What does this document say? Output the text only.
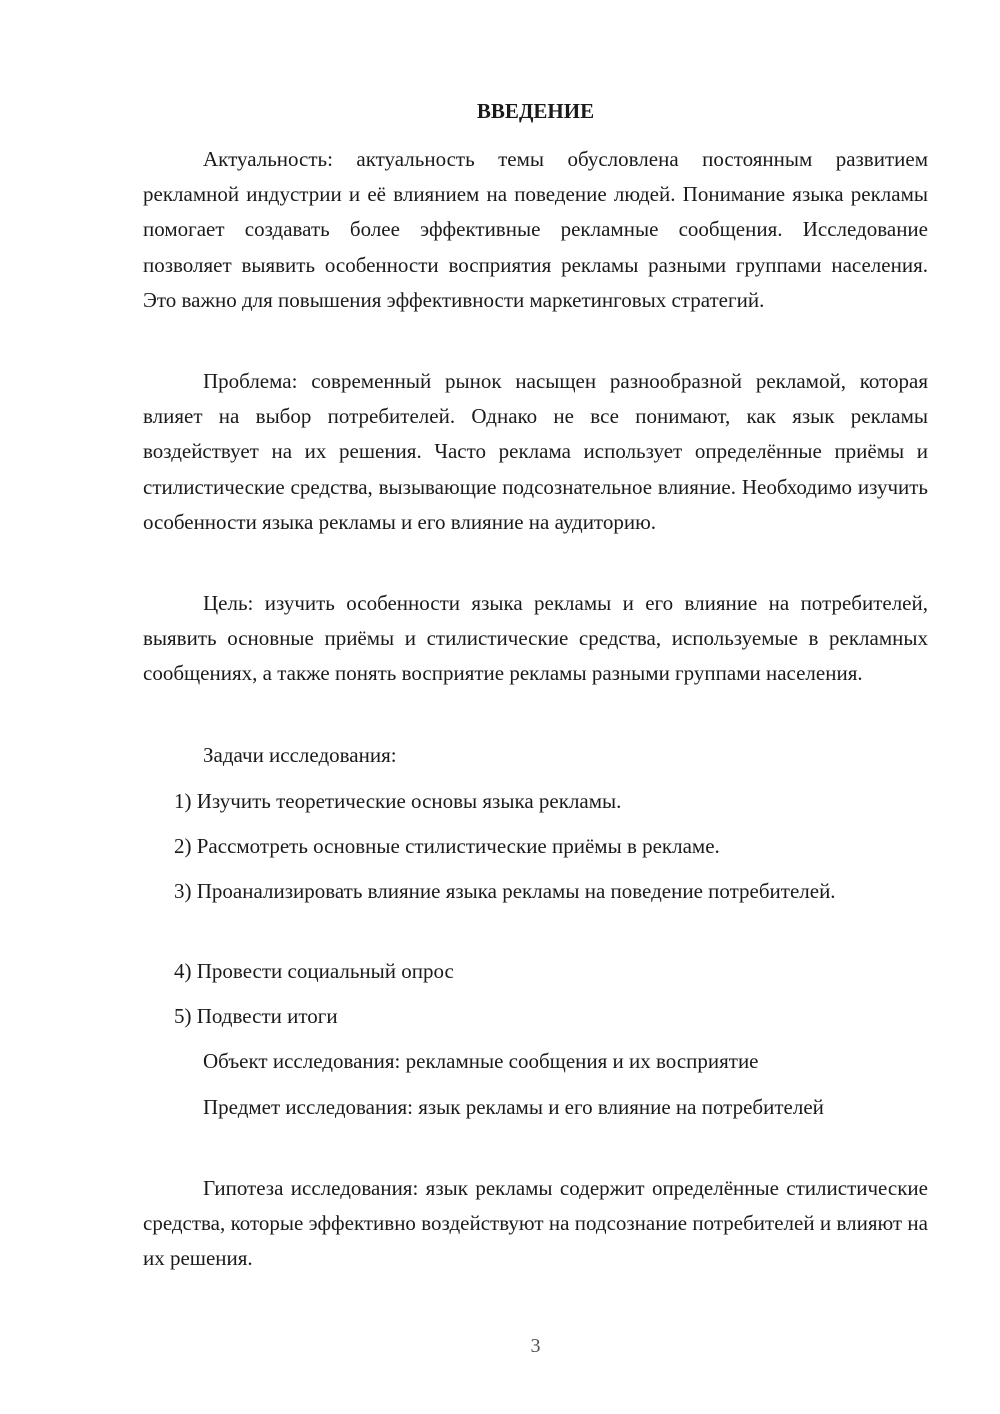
ВВЕДЕНИЕ

Актуальность: актуальность темы обусловлена постоянным развитием рекламной индустрии и её влиянием на поведение людей. Понимание языка рекламы помогает создавать более эффективные рекламные сообщения. Исследование позволяет выявить особенности восприятия рекламы разными группами населения. Это важно для повышения эффективности маркетинговых стратегий.

Проблема: современный рынок насыщен разнообразной рекламой, которая влияет на выбор потребителей. Однако не все понимают, как язык рекламы воздействует на их решения. Часто реклама использует определённые приёмы и стилистические средства, вызывающие подсознательное влияние. Необходимо изучить особенности языка рекламы и его влияние на аудиторию.

Цель: изучить особенности языка рекламы и его влияние на потребителей, выявить основные приёмы и стилистические средства, используемые в рекламных сообщениях, а также понять восприятие рекламы разными группами населения.

Задачи исследования:

1) Изучить теоретические основы языка рекламы.

2) Рассмотреть основные стилистические приёмы в рекламе.

3) Проанализировать влияние языка рекламы на поведение потребителей.

4) Провести социальный опрос

5) Подвести итоги

Объект исследования: рекламные сообщения и их восприятие

Предмет исследования: язык рекламы и его влияние на потребителей

Гипотеза исследования: язык рекламы содержит определённые стилистические средства, которые эффективно воздействуют на подсознание потребителей и влияют на их решения.

3
